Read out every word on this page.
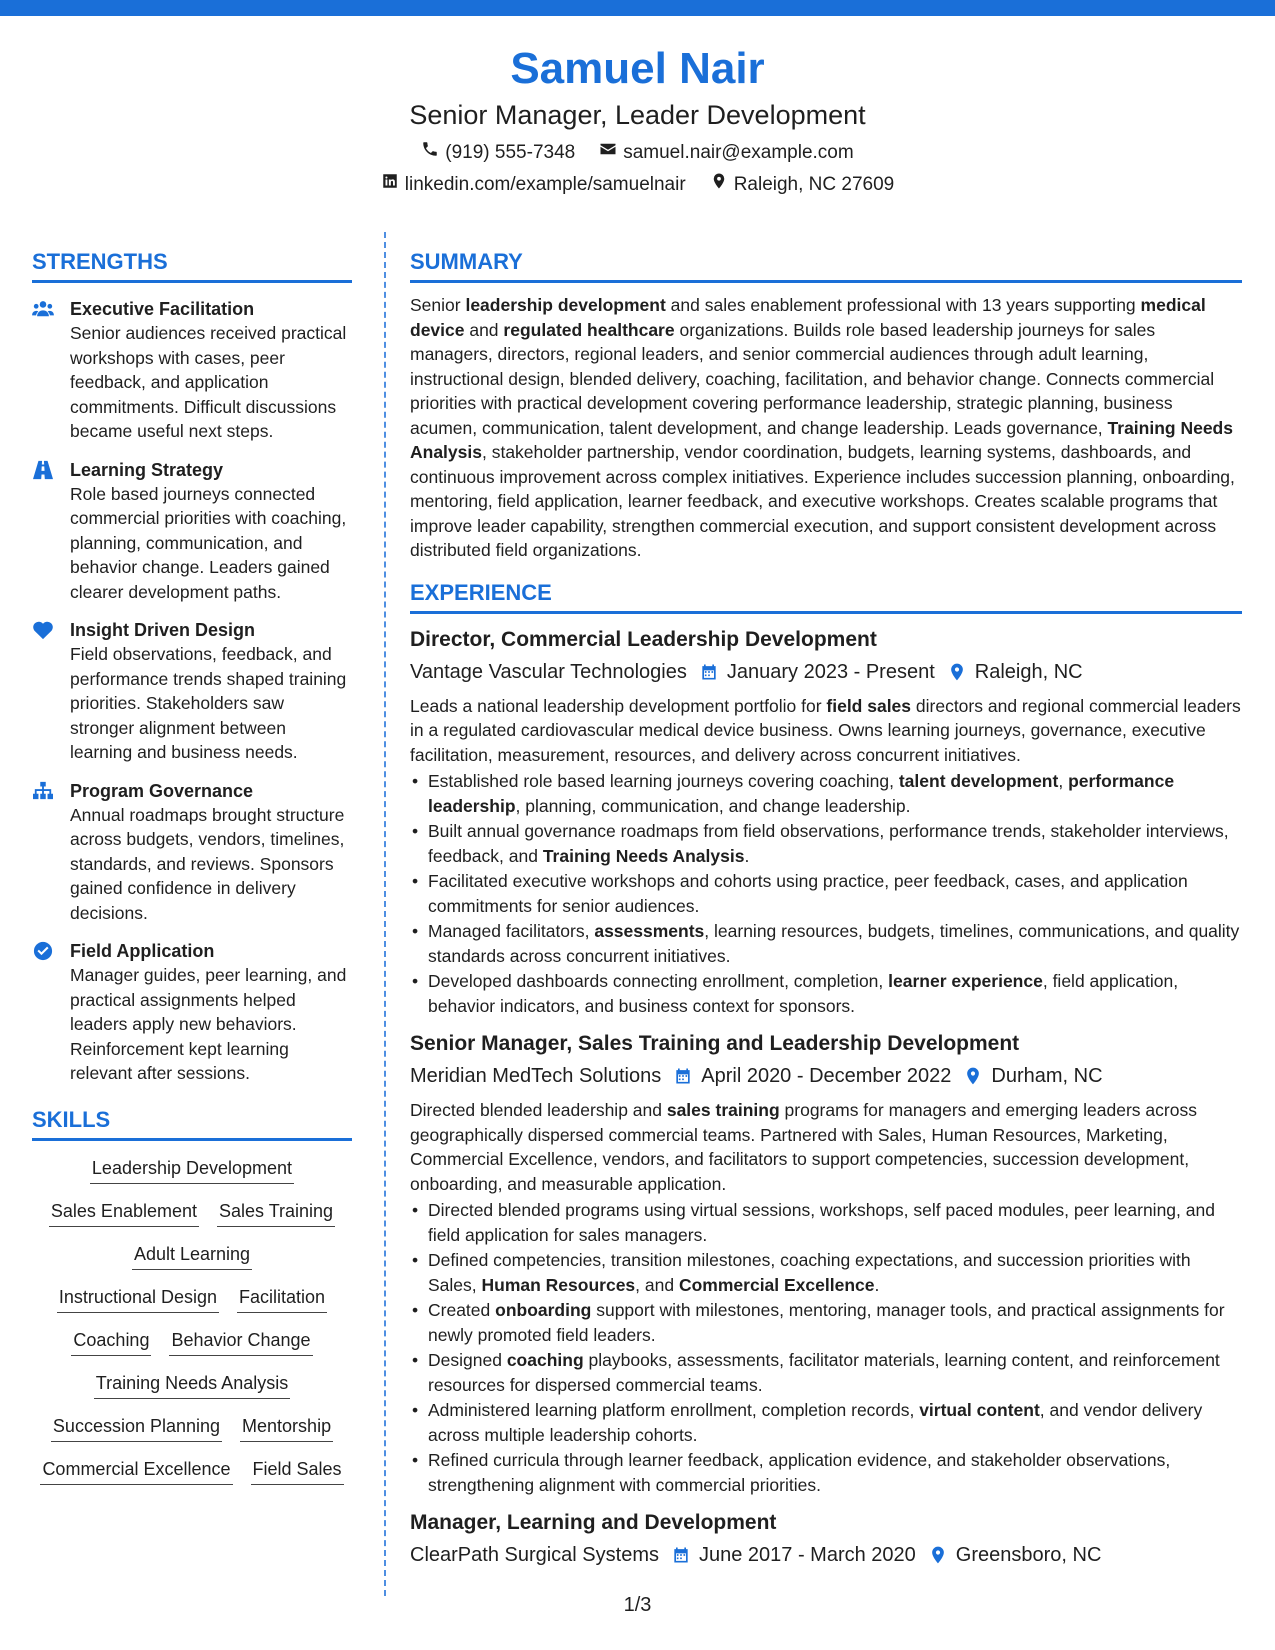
Samuel Nair
Senior Manager, Leader Development
(919) 555-7348	samuel.nair@example.com
linkedin.com/example/samuelnair	Raleigh, NC 27609
STRENGTHS
Executive Facilitation
Senior audiences received practical workshops with cases, peer feedback, and application commitments. Difficult discussions became useful next steps.
Learning Strategy
Role based journeys connected commercial priorities with coaching, planning, communication, and behavior change. Leaders gained clearer development paths.
Insight Driven Design
Field observations, feedback, and performance trends shaped training priorities. Stakeholders saw stronger alignment between learning and business needs.
Program Governance
Annual roadmaps brought structure across budgets, vendors, timelines, standards, and reviews. Sponsors gained confidence in delivery decisions.
Field Application
Manager guides, peer learning, and practical assignments helped leaders apply new behaviors. Reinforcement kept learning relevant after sessions.
SKILLS
Leadership Development
Sales Enablement Sales Training
Adult Learning
Instructional Design Facilitation
Coaching Behavior Change
Training Needs Analysis
Succession Planning Mentorship
Commercial Excellence Field Sales
SUMMARY
Senior leadership development and sales enablement professional with 13 years supporting medical device and regulated healthcare organizations. Builds role based leadership journeys for sales managers, directors, regional leaders, and senior commercial audiences through adult learning, instructional design, blended delivery, coaching, facilitation, and behavior change. Connects commercial priorities with practical development covering performance leadership, strategic planning, business acumen, communication, talent development, and change leadership. Leads governance, Training Needs Analysis, stakeholder partnership, vendor coordination, budgets, learning systems, dashboards, and continuous improvement across complex initiatives. Experience includes succession planning, onboarding, mentoring, field application, learner feedback, and executive workshops. Creates scalable programs that improve leader capability, strengthen commercial execution, and support consistent development across distributed field organizations.
EXPERIENCE
Director, Commercial Leadership Development
Vantage Vascular Technologies January 2023 - Present Raleigh, NC
Leads a national leadership development portfolio for field sales directors and regional commercial leaders in a regulated cardiovascular medical device business. Owns learning journeys, governance, executive facilitation, measurement, resources, and delivery across concurrent initiatives.
• Established role based learning journeys covering coaching, talent development, performance leadership, planning, communication, and change leadership.
• Built annual governance roadmaps from field observations, performance trends, stakeholder interviews, feedback, and Training Needs Analysis.
• Facilitated executive workshops and cohorts using practice, peer feedback, cases, and application commitments for senior audiences.
• Managed facilitators, assessments, learning resources, budgets, timelines, communications, and quality standards across concurrent initiatives.
• Developed dashboards connecting enrollment, completion, learner experience, field application, behavior indicators, and business context for sponsors.
Senior Manager, Sales Training and Leadership Development
Meridian MedTech Solutions April 2020 - December 2022 Durham, NC
Directed blended leadership and sales training programs for managers and emerging leaders across geographically dispersed commercial teams. Partnered with Sales, Human Resources, Marketing, Commercial Excellence, vendors, and facilitators to support competencies, succession development, onboarding, and measurable application.
• Directed blended programs using virtual sessions, workshops, self paced modules, peer learning, and field application for sales managers.
• Defined competencies, transition milestones, coaching expectations, and succession priorities with Sales, Human Resources, and Commercial Excellence.
• Created onboarding support with milestones, mentoring, manager tools, and practical assignments for newly promoted field leaders.
• Designed coaching playbooks, assessments, facilitator materials, learning content, and reinforcement resources for dispersed commercial teams.
• Administered learning platform enrollment, completion records, virtual content, and vendor delivery across multiple leadership cohorts.
• Refined curricula through learner feedback, application evidence, and stakeholder observations, strengthening alignment with commercial priorities.
Manager, Learning and Development
ClearPath Surgical Systems June 2017 - March 2020 Greensboro, NC
1/3
